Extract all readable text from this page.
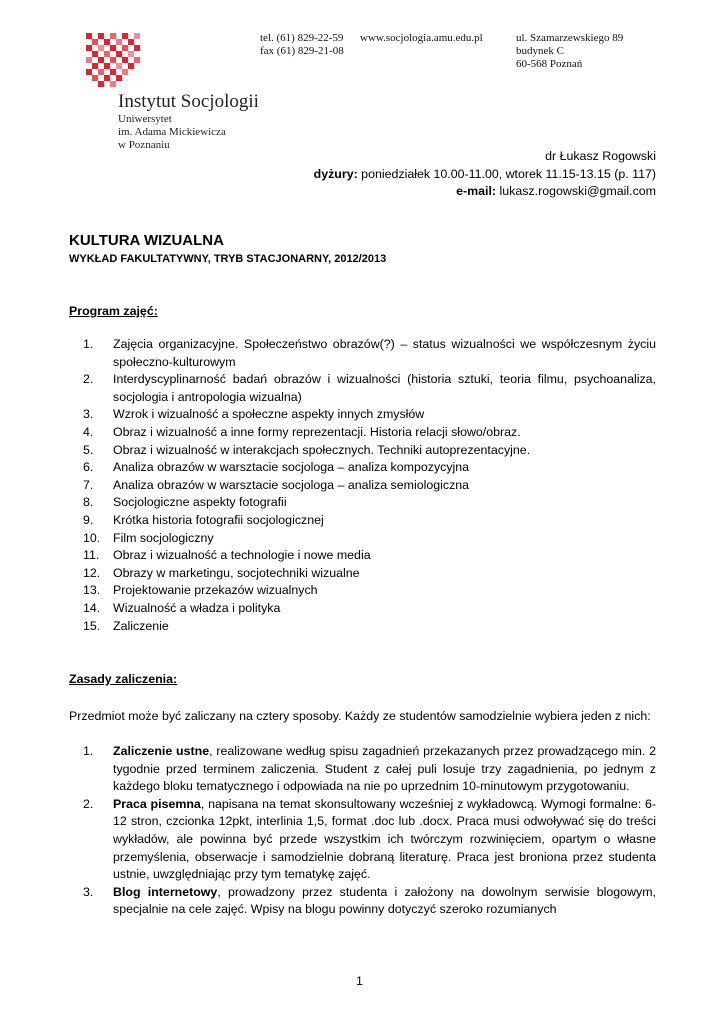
Instytut Socjologii
Uniwersytet
im. Adama Mickiewicza
w Poznaniu
tel. (61) 829-22-59
fax (61) 829-21-08
www.socjologia.amu.edu.pl	ul. Szamarzewskiego 89
budynek C
60-568 Poznań
dr Łukasz Rogowski
dyżury: poniedziałek 10.00-11.00, wtorek 11.15-13.15 (p. 117)
e-mail: lukasz.rogowski@gmail.com
KULTURA WIZUALNA
WYKŁAD FAKULTATYWNY, TRYB STACJONARNY, 2012/2013
Program zajęć:
1.	Zajęcia organizacyjne. Społeczeństwo obrazów(?) – status wizualności we współczesnym życiu społeczno-kulturowym
2.	Interdyscyplinarność badań obrazów i wizualności (historia sztuki, teoria filmu, psychoanaliza, socjologia i antropologia wizualna)
3.	Wzrok i wizualność a społeczne aspekty innych zmysłów
4.	Obraz i wizualność a inne formy reprezentacji. Historia relacji słowo/obraz.
5.	Obraz i wizualność w interakcjach społecznych. Techniki autoprezentacyjne.
6.	Analiza obrazów w warsztacie socjologa – analiza kompozycyjna
7.	Analiza obrazów w warsztacie socjologa – analiza semiologiczna
8.	Socjologiczne aspekty fotografii
9.	Krótka historia fotografii socjologicznej
10.	Film socjologiczny
11.	Obraz i wizualność a technologie i nowe media
12.	Obrazy w marketingu, socjotechniki wizualne
13.	Projektowanie przekazów wizualnych
14.	Wizualność a władza i polityka
15.	Zaliczenie
Zasady zaliczenia:
Przedmiot może być zaliczany na cztery sposoby. Każdy ze studentów samodzielnie wybiera jeden z nich:
1.	Zaliczenie ustne, realizowane według spisu zagadnień przekazanych przez prowadzącego min. 2 tygodnie przed terminem zaliczenia. Student z całej puli losuje trzy zagadnienia, po jednym z każdego bloku tematycznego i odpowiada na nie po uprzednim 10-minutowym przygotowaniu.
2.	Praca pisemna, napisana na temat skonsultowany wcześniej z wykładowcą. Wymogi formalne: 6-12 stron, czcionka 12pkt, interlinia 1,5, format .doc lub .docx. Praca musi odwoływać się do treści wykładów, ale powinna być przede wszystkim ich twórczym rozwinięciem, opartym o własne przemyślenia, obserwacje i samodzielnie dobraną literaturę. Praca jest broniona przez studenta ustnie, uwzględniając przy tym tematykę zajęć.
3.	Blog internetowy, prowadzony przez studenta i założony na dowolnym serwisie blogowym, specjalnie na cele zajęć. Wpisy na blogu powinny dotyczyć szeroko rozumianych
1
